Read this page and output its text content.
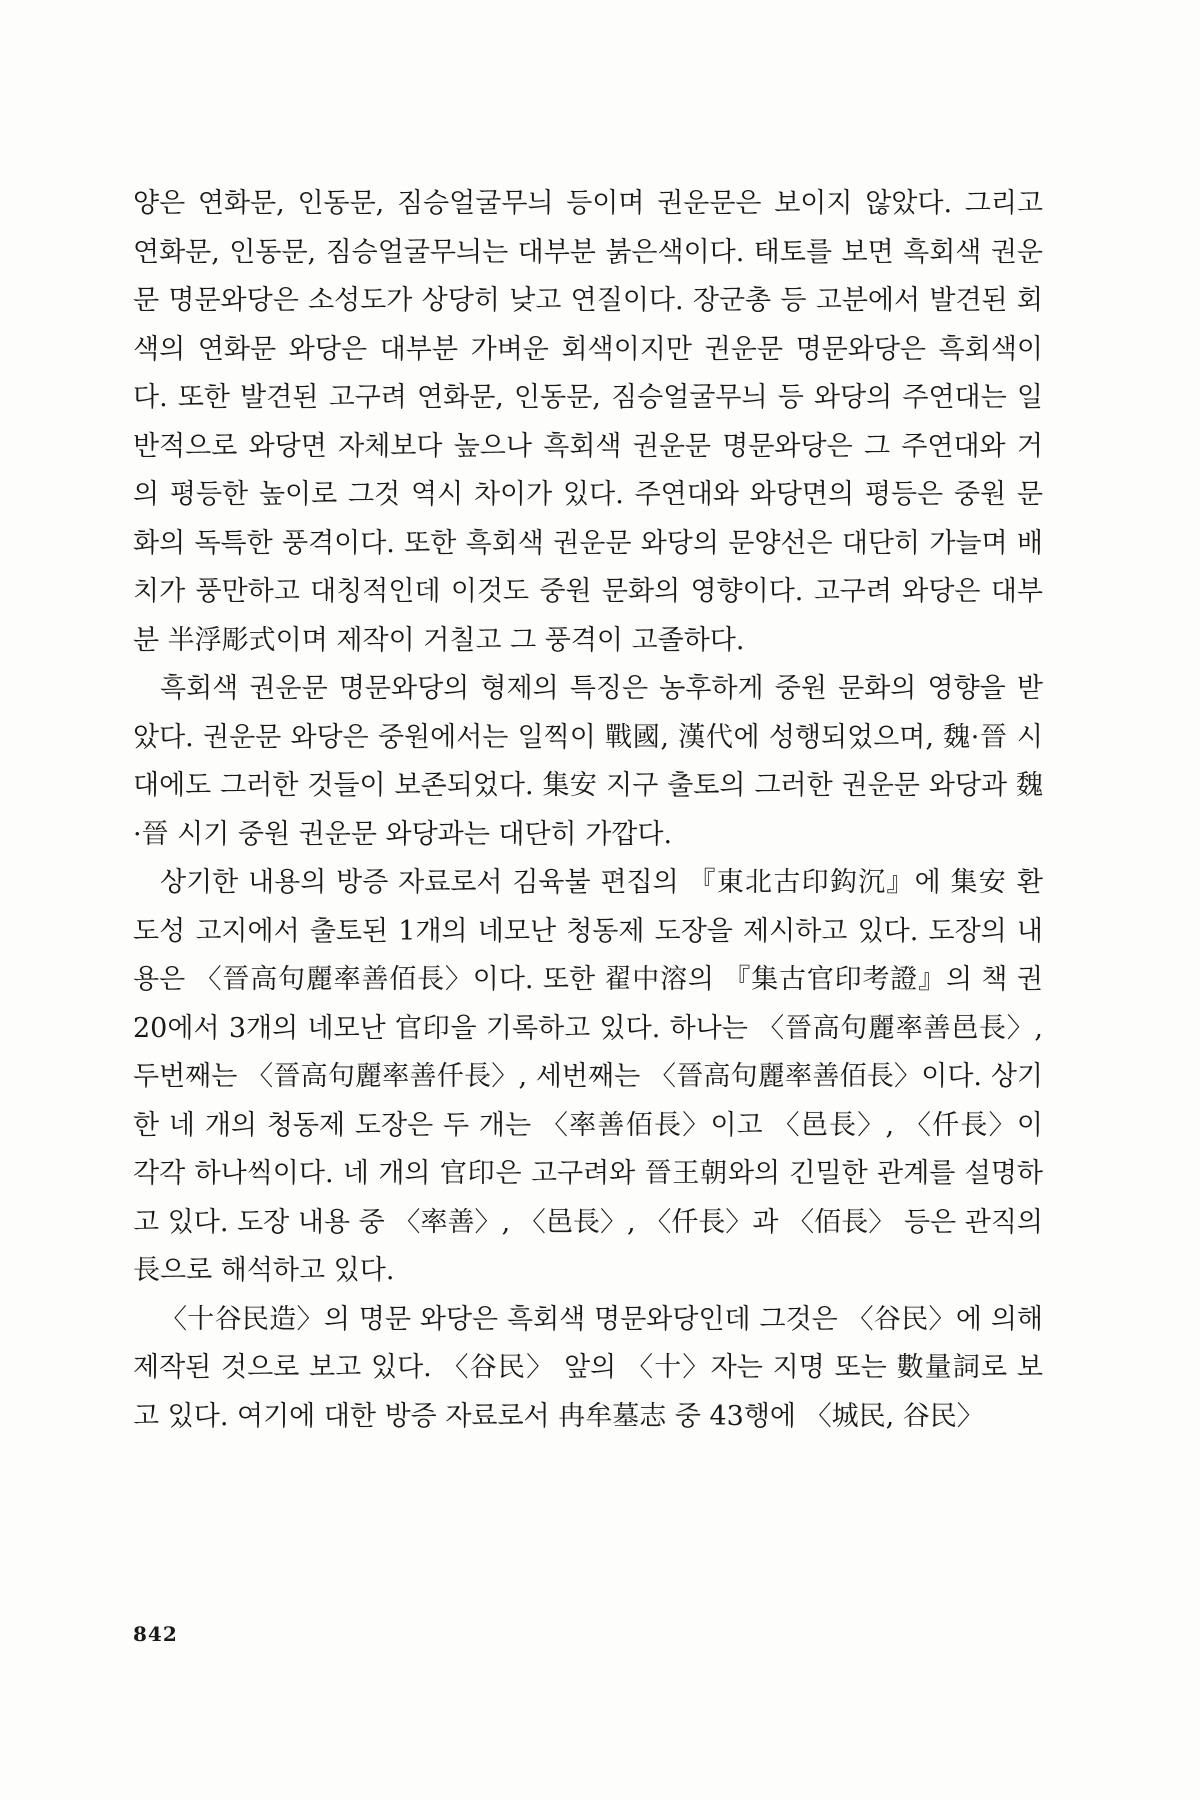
양은 연화문, 인동문, 짐승얼굴무늬 등이며 권운문은 보이지 않았다. 그리고 연화문, 인동문, 짐승얼굴무늬는 대부분 붉은색이다. 태토를 보면 흑회색 권운문 명문와당은 소성도가 상당히 낮고 연질이다. 장군총 등 고분에서 발견된 회색의 연화문 와당은 대부분 가벼운 회색이지만 권운문 명문와당은 흑회색이다. 또한 발견된 고구려 연화문, 인동문, 짐승얼굴무늬 등 와당의 주연대는 일반적으로 와당면 자체보다 높으나 흑회색 권운문 명문와당은 그 주연대와 거의 평등한 높이로 그것 역시 차이가 있다. 주연대와 와당면의 평등은 중원 문화의 독특한 풍격이다. 또한 흑회색 권운문 와당의 문양선은 대단히 가늘며 배치가 풍만하고 대칭적인데 이것도 중원 문화의 영향이다. 고구려 와당은 대부분 半浮彫式이며 제작이 거칠고 그 풍격이 고졸하다.

흑회색 권운문 명문와당의 형제의 특징은 농후하게 중원 문화의 영향을 받았다. 권운문 와당은 중원에서는 일찍이 戰國, 漢代에 성행되었으며, 魏·晉 시대에도 그러한 것들이 보존되었다. 集安 지구 출토의 그러한 권운문 와당과 魏·晉 시기 중원 권운문 와당과는 대단히 가깝다.

상기한 내용의 방증 자료로서 김육불 편집의 『東北古印鈎沉』에 集安 환도성 고지에서 출토된 1개의 네모난 청동제 도장을 제시하고 있다. 도장의 내용은 〈晉高句麗率善佰長〉이다. 또한 翟中溶의 『集古官印考證』의 책 권20에서 3개의 네모난 官印을 기록하고 있다. 하나는 〈晉高句麗率善邑長〉, 두번째는 〈晉高句麗率善仟長〉, 세번째는 〈晉高句麗率善佰長〉이다. 상기한 네 개의 청동제 도장은 두 개는 〈率善佰長〉이고 〈邑長〉, 〈仟長〉이 각각 하나씩이다. 네 개의 官印은 고구려와 晉王朝와의 긴밀한 관계를 설명하고 있다. 도장 내용 중 〈率善〉, 〈邑長〉, 〈仟長〉과 〈佰長〉 등은 관직의 長으로 해석하고 있다.

〈十谷民造〉의 명문 와당은 흑회색 명문와당인데 그것은 〈谷民〉에 의해 제작된 것으로 보고 있다. 〈谷民〉 앞의 〈十〉자는 지명 또는 數量詞로 보고 있다. 여기에 대한 방증 자료로서 冉牟墓志 중 43행에 〈城民, 谷民〉

842
